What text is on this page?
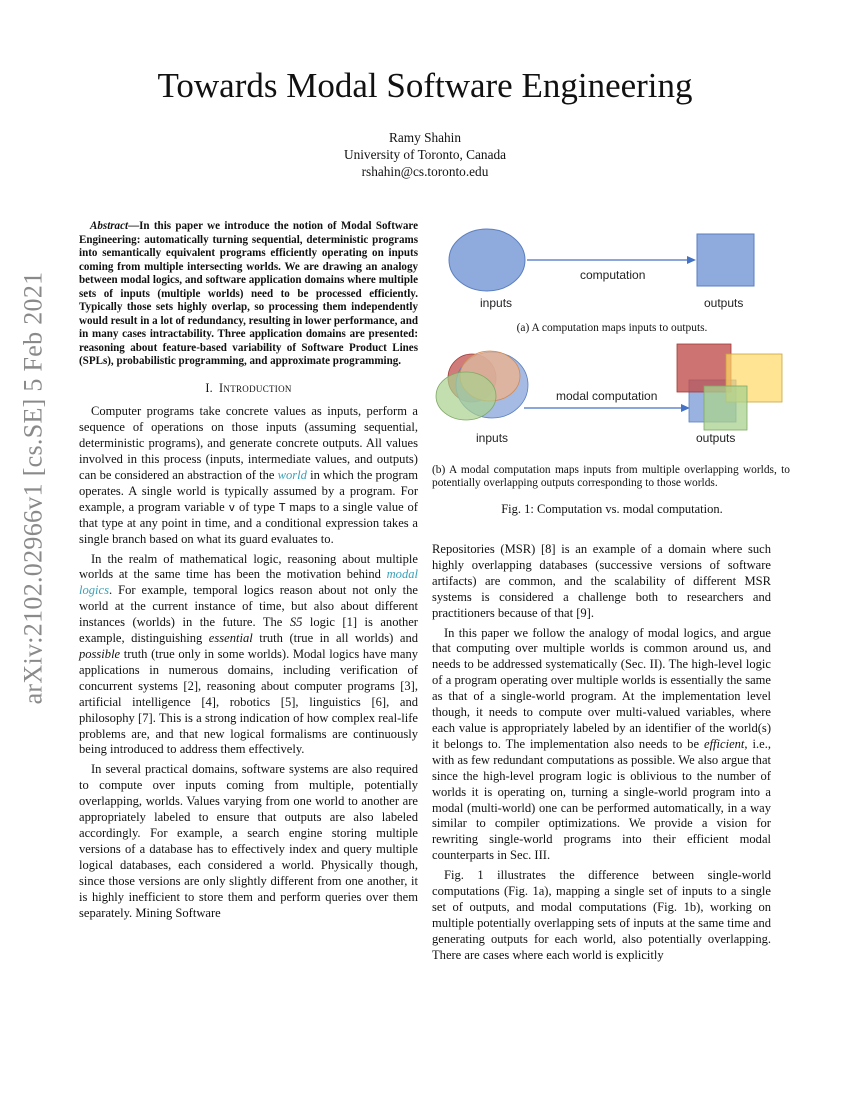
arXiv:2102.02966v1 [cs.SE] 5 Feb 2021
Towards Modal Software Engineering
Ramy Shahin
University of Toronto, Canada
rshahin@cs.toronto.edu

Abstract—In this paper we introduce the notion of Modal Software Engineering: automatically turning sequential, deterministic programs into semantically equivalent programs efficiently operating on inputs coming from multiple intersecting worlds. We are drawing an analogy between modal logics, and software application domains where multiple sets of inputs (multiple worlds) need to be processed efficiently. Typically those sets highly overlap, so processing them independently would result in a lot of redundancy, resulting in lower performance, and in many cases intractability. Three application domains are presented: reasoning about feature-based variability of Software Product Lines (SPLs), probabilistic programming, and approximate programming.

I. Introduction

Computer programs take concrete values as inputs, perform a sequence of operations on those inputs (assuming sequential, deterministic programs), and generate concrete outputs. All values involved in this process (inputs, intermediate values, and outputs) can be considered an abstraction of the world in which the program operates. A single world is typically assumed by a program. For example, a program variable v of type T maps to a single value of that type at any point in time, and a conditional expression takes a single branch based on what its guard evaluates to.

In the realm of mathematical logic, reasoning about multiple worlds at the same time has been the motivation behind modal logics. For example, temporal logics reason about not only the world at the current instance of time, but also about different instances (worlds) in the future. The S5 logic [1] is another example, distinguishing essential truth (true in all worlds) and possible truth (true only in some worlds). Modal logics have many applications in numerous domains, including verification of concurrent systems [2], reasoning about computer programs [3], artificial intelligence [4], robotics [5], linguistics [6], and philosophy [7]. This is a strong indication of how complex real-life problems are, and that new logical formalisms are continuously being introduced to address them effectively.

In several practical domains, software systems are also required to compute over inputs coming from multiple, potentially overlapping, worlds. Values varying from one world to another are appropriately labeled to ensure that outputs are also labeled accordingly. For example, a search engine storing multiple versions of a database has to effectively index and query multiple logical databases, each considered a world. Physically though, since those versions are only slightly different from one another, it is highly inefficient to store them and perform queries over them separately. Mining Software

computation
inputs	outputs

(a) A computation maps inputs to outputs.

modal computation
inputs	outputs

(b) A modal computation maps inputs from multiple overlapping worlds, to potentially overlapping outputs corresponding to those worlds.

Fig. 1: Computation vs. modal computation.

Repositories (MSR) [8] is an example of a domain where such highly overlapping databases (successive versions of software artifacts) are common, and the scalability of different MSR systems is considered a challenge both to researchers and practitioners because of that [9].

In this paper we follow the analogy of modal logics, and argue that computing over multiple worlds is common around us, and needs to be addressed systematically (Sec. II). The high-level logic of a program operating over multiple worlds is essentially the same as that of a single-world program. At the implementation level though, it needs to compute over multi-valued variables, where each value is appropriately labeled by an identifier of the world(s) it belongs to. The implementation also needs to be efficient, i.e., with as few redundant computations as possible. We also argue that since the high-level program logic is oblivious to the number of worlds it is operating on, turning a single-world program into a modal (multi-world) one can be performed automatically, in a way similar to compiler optimizations. We provide a vision for rewriting single-world programs into their efficient modal counterparts in Sec. III.

Fig. 1 illustrates the difference between single-world computations (Fig. 1a), mapping a single set of inputs to a single set of outputs, and modal computations (Fig. 1b), working on multiple potentially overlapping sets of inputs at the same time and generating outputs for each world, also potentially overlapping. There are cases where each world is explicitly
